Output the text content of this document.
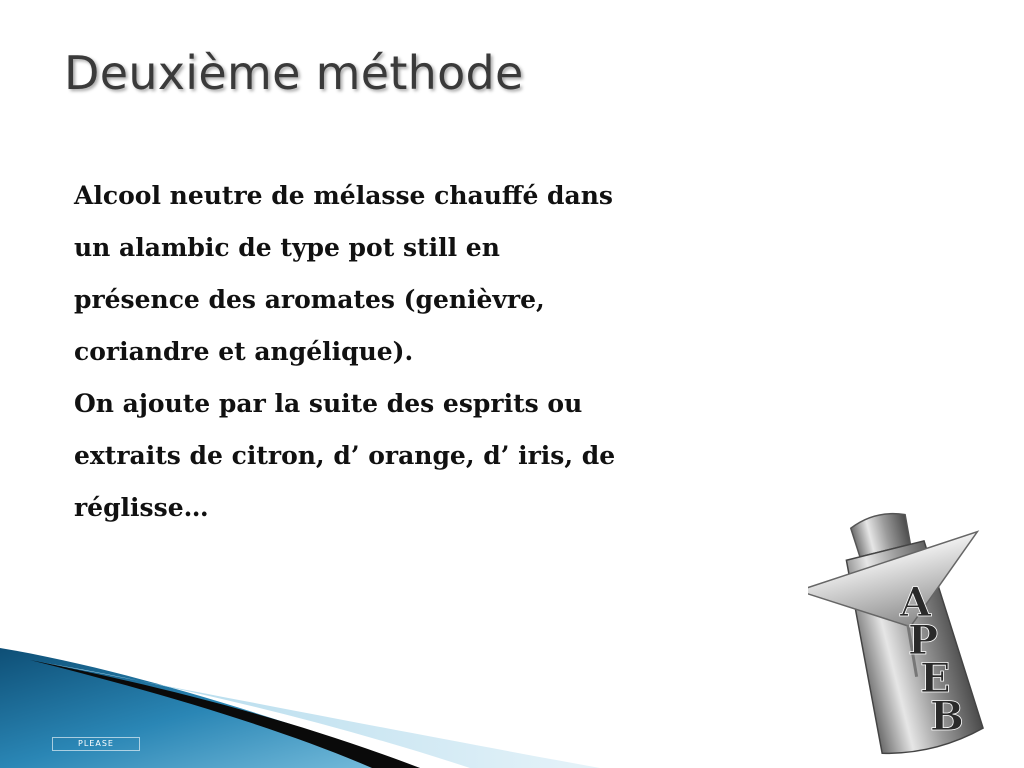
Deuxième méthode
Alcool neutre de mélasse chauffé dans
un alambic de type pot still en
présence des aromates (genièvre,
coriandre et angélique).
On ajoute par la suite des esprits ou
extraits de citron, d’ orange, d’ iris, de
réglisse…
PLEASE
A
P
E
B
